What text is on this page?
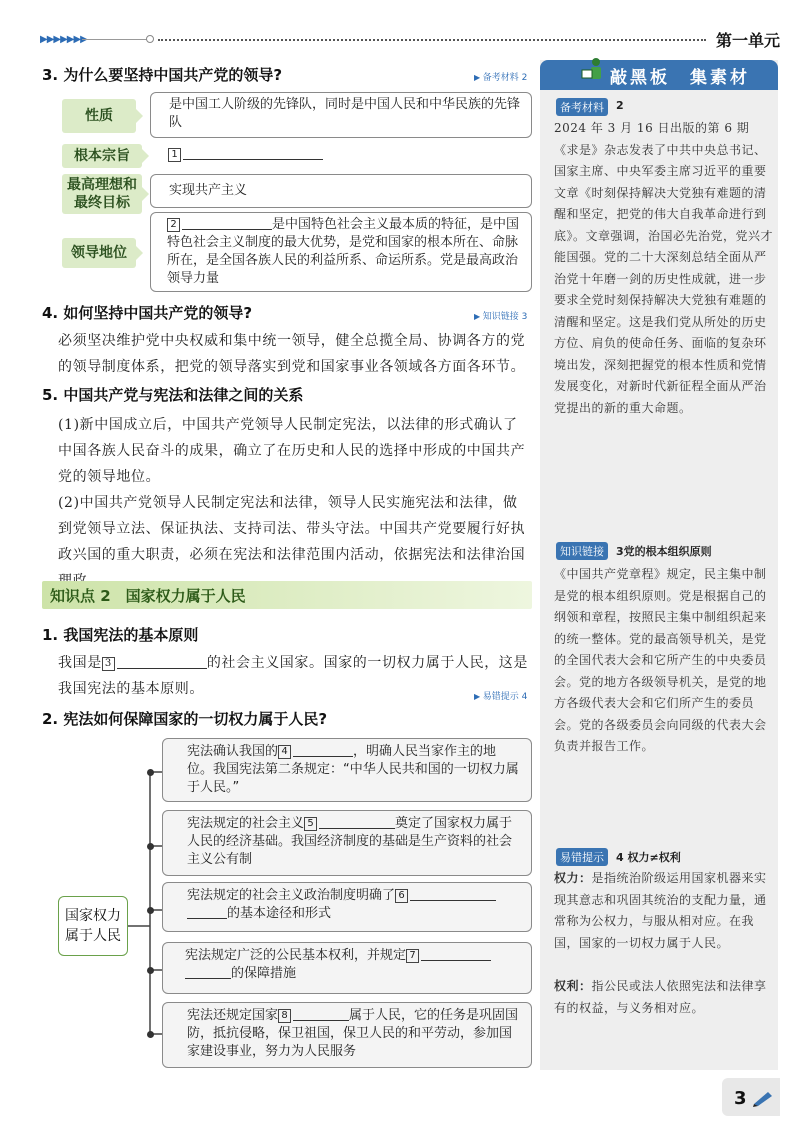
▶▶▶▶▶▶▶	第一单元
3. 为什么要坚持中国共产党的领导?	▶ 备考材料 2
性质
是中国工人阶级的先锋队，同时是中国人民和中华民族的先锋队
根本宗旨	1
最高理想和最终目标
实现共产主义
领导地位
2	是中国特色社会主义最本质的特征，是中国特色社会主义制度的最大优势，是党和国家的根本所在、命脉所在，是全国各族人民的利益所系、命运所系。党是最高政治领导力量
4. 如何坚持中国共产党的领导?	▶ 知识链接 3
必须坚决维护党中央权威和集中统一领导，健全总揽全局、协调各方的党的领导制度体系，把党的领导落实到党和国家事业各领域各方面各环节。
5. 中国共产党与宪法和法律之间的关系
(1)新中国成立后，中国共产党领导人民制定宪法，以法律的形式确认了中国各族人民奋斗的成果，确立了在历史和人民的选择中形成的中国共产党的领导地位。
(2)中国共产党领导人民制定宪法和法律，领导人民实施宪法和法律，做到党领导立法、保证执法、支持司法、带头守法。中国共产党要履行好执政兴国的重大职责，必须在宪法和法律范围内活动，依据宪法和法律治国
知识点 2　国家权力属于人民
1. 我国宪法的基本原则
我国是 3	的社会主义国家。国家的一切权力属于人民，这是我国宪法的基本原则。	▶ 易错提示 4
2. 宪法如何保障国家的一切权力属于人民?
国家权力属于人民
宪法确认我国的 4	，明确人民当家作主的地位。我国宪法第二条规定：“中华人民共和国的一切权力属于人民。”
宪法规定的社会主义 5	奠定了国家权力属于人民的经济基础。我国经济制度的基础是生产资料的社会主义公有制
宪法规定的社会主义政治制度明确了 6的基本途径和形式
宪法规定广泛的公民基本权利，并规定 7的保障措施
宪法还规定国家 8	属于人民，它的任务是巩固国防，抵抗侵略，保卫祖国，保卫人民的和平劳动，参加国家建设事业，努力为人民服务
敲黑板　集素材
备考材料	2
2024 年 3 月 16 日出版的第 6 期《求是》杂志发表了中共中央总书记、国家主席、中央军委主席习近平的重要文章《时刻保持解决大党独有难题的清醒和坚定，把党的伟大自我革命进行到底》。文章强调，治国必先治党，党兴才能国强。党的二十大深刻总结全面从严治党十年磨一剑的历史性成就，进一步要求全党时刻保持解决大党独有难题的清醒和坚定。这是我们党从所处的历史方位、肩负的使命任务、面临的复杂环境出发，深刻把握党的根本性质和党情发展变化，对新时代新征程全面从严治党提出的新的重大命题。
知识链接	3党的根本组织原则
《中国共产党章程》规定，民主集中制是党的根本组织原则。党是根据自己的纲领和章程，按照民主集中制组织起来的统一整体。党的最高领导机关，是党的全国代表大会和它所产生的中央委员会。党的地方各级领导机关，是党的地方各级代表大会和它们所产生的委员会。党的各级委员会向同级的代表大会负责并报告工作。
易错提示	4 权力≠权利
权力：是指统治阶级运用国家机器来实现其意志和巩固其统治的支配力量，通常称为公权力，与服从相对应。在我国，国家的一切权力属于人民。
权利：指公民或法人依照宪法和法律享有的权益，与义务相对应。
3
